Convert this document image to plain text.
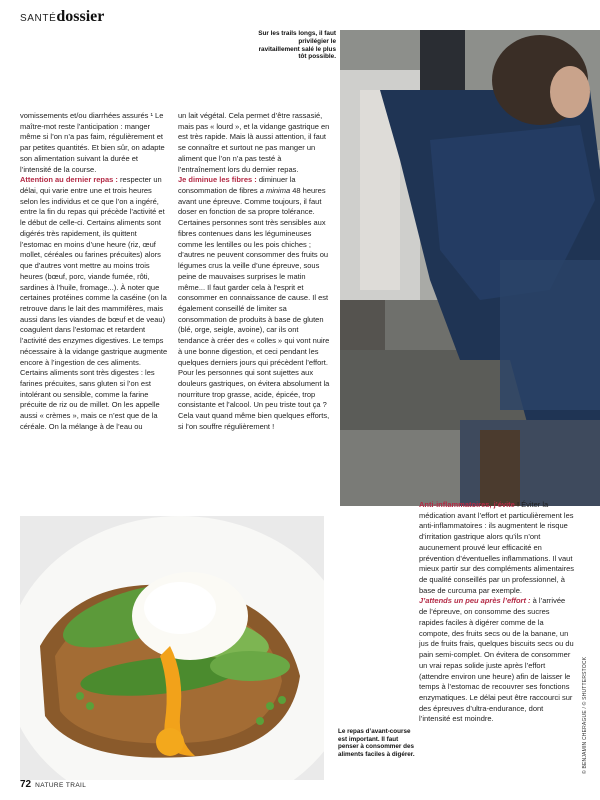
SANTÉ dossier
Sur les trails longs, il faut privilégier le ravitaillement salé le plus tôt possible.

vomissements et/ou diarrhées assurés ¹ Le maître-mot reste l’anticipation : manger même si l’on n’a pas faim, régulièrement et par petites quantités. Et bien sûr, on adapte son alimentation suivant la durée et l’intensité de la course.

Attention au dernier repas : respecter un délai, qui varie entre une et trois heures selon les individus et ce que l’on a ingéré, entre la fin du repas qui précède l’activité et le début de celle-ci. Certains aliments sont digérés très rapidement, ils quittent l’estomac en moins d’une heure (riz, œuf mollet, céréales ou farines précuites) alors que d’autres vont mettre au moins trois heures (bœuf, porc, viande fumée, rôti, sardines à l’huile, fromage...). À noter que certaines protéines comme la caséine (on la retrouve dans le lait des mammifères, mais aussi dans les viandes de bœuf et de veau) coagulent dans l’estomac et retardent l’activité des enzymes digestives. Le temps nécessaire à la vidange gastrique augmente encore à l’ingestion de ces aliments. Certains aliments sont très digestes : les farines précuites, sans gluten si l’on est intolérant ou sensible, comme la farine précuite de riz ou de millet. On les appelle aussi « crèmes », mais ce n’est que de la céréale. On la mélange à de l’eau ou

un lait végétal. Cela permet d’être rassasié, mais pas « lourd », et la vidange gastrique en est très rapide. Mais là aussi attention, il faut se connaître et surtout ne pas manger un aliment que l’on n’a pas testé à l’entraînement lors du dernier repas.

Je diminue les fibres : diminuer la consommation de fibres a minima 48 heures avant une épreuve. Comme toujours, il faut doser en fonction de sa propre tolérance. Certaines personnes sont très sensibles aux fibres contenues dans les légumineuses comme les lentilles ou les pois chiches ; d’autres ne peuvent consommer des fruits ou légumes crus la veille d’une épreuve, sous peine de mauvaises surprises le matin même... Il faut garder cela à l’esprit et consommer en connaissance de cause. Il est également conseillé de limiter sa consommation de produits à base de gluten (blé, orge, seigle, avoine), car ils ont tendance à créer des « colles » qui vont nuire à une bonne digestion, et ceci pendant les quelques derniers jours qui précèdent l’effort. Pour les personnes qui sont sujettes aux douleurs gastriques, on évitera absolument la nourriture trop grasse, acide, épicée, trop consistante et l’alcool. Un peu triste tout ça ? Cela vaut quand même bien quelques efforts, si l’on souffre régulièrement !

Anti-inflammatoires, j’évite ! Éviter la médication avant l’effort et particulièrement les anti-inflammatoires : ils augmentent le risque d’irritation gastrique alors qu’ils n’ont aucunement prouvé leur efficacité en prévention d’éventuelles inflammations. Il vaut mieux partir sur des compléments alimentaires de qualité conseillés par un professionnel, à base de curcuma par exemple.

J’attends un peu après l’effort : à l’arrivée de l’épreuve, on consomme des sucres rapides faciles à digérer comme de la compote, des fruits secs ou de la banane, un jus de fruits frais, quelques biscuits secs ou du pain semi-complet. On évitera de consommer un vrai repas solide juste après l’effort (attendre environ une heure) afin de laisser le temps à l’estomac de recouvrer ses fonctions enzymatiques. Le délai peut être raccourci sur des épreuves d’ultra-endurance, dont l’intensité est moindre.

Le repas d’avant-course est important. Il faut penser à consommer des aliments faciles à digérer.	© BENJAMIN CHERAGUE / © SHUTTERSTOCK
72 NATURE TRAIL
